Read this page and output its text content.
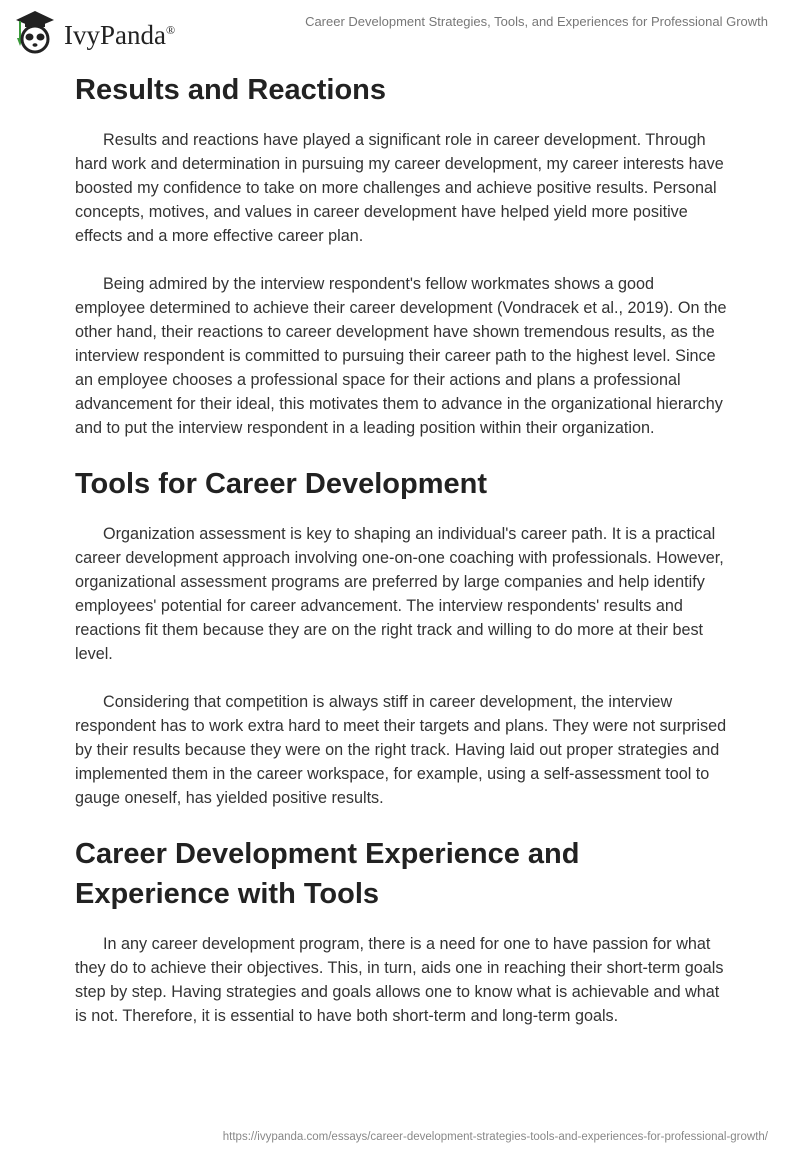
IvyPanda®
Career Development Strategies, Tools, and Experiences for Professional Growth
Results and Reactions

Results and reactions have played a significant role in career development. Through hard work and determination in pursuing my career development, my career interests have boosted my confidence to take on more challenges and achieve positive results. Personal concepts, motives, and values in career development have helped yield more positive effects and a more effective career plan.

Being admired by the interview respondent's fellow workmates shows a good employee determined to achieve their career development (Vondracek et al., 2019). On the other hand, their reactions to career development have shown tremendous results, as the interview respondent is committed to pursuing their career path to the highest level. Since an employee chooses a professional space for their actions and plans a professional advancement for their ideal, this motivates them to advance in the organizational hierarchy and to put the interview respondent in a leading position within their organization.

Tools for Career Development

Organization assessment is key to shaping an individual's career path. It is a practical career development approach involving one-on-one coaching with professionals. However, organizational assessment programs are preferred by large companies and help identify employees' potential for career advancement. The interview respondents' results and reactions fit them because they are on the right track and willing to do more at their best level.

Considering that competition is always stiff in career development, the interview respondent has to work extra hard to meet their targets and plans. They were not surprised by their results because they were on the right track. Having laid out proper strategies and implemented them in the career workspace, for example, using a self-assessment tool to gauge oneself, has yielded positive results.

Career Development Experience and Experience with Tools

In any career development program, there is a need for one to have passion for what they do to achieve their objectives. This, in turn, aids one in reaching their short-term goals step by step. Having strategies and goals allows one to know what is achievable and what is not. Therefore, it is essential to have both short-term and long-term goals.

https://ivypanda.com/essays/career-development-strategies-tools-and-experiences-for-professional-growth/
